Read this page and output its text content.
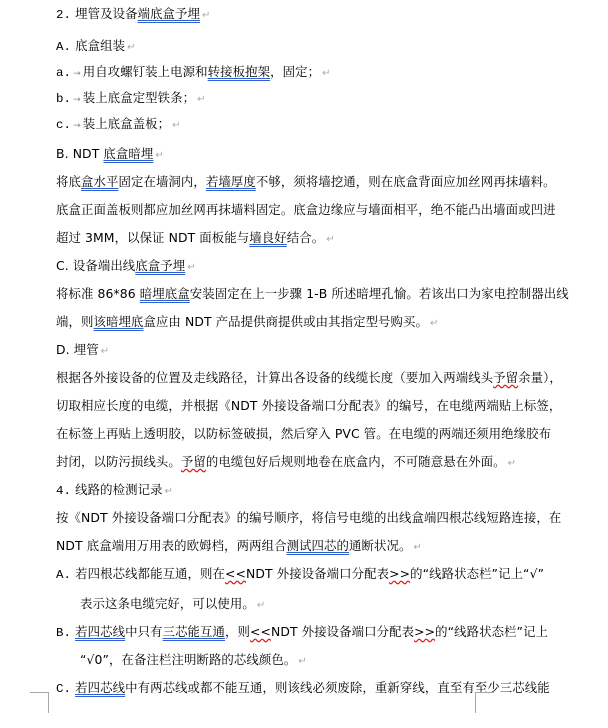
2. 埋管及设备端底盒予埋 ↵
A. 底盒组装 ↵
a. → 用自攻螺钉装上电源和转接板抱架，固定； ↵
b. → 装上底盒定型铁条； ↵
c. → 装上底盒盖板； ↵
B. NDT 底盒暗埋 ↵
将底盒水平固定在墙洞内，若墙厚度不够，须将墙挖通，则在底盒背面应加丝网再抹墙料。
底盒正面盖板则都应加丝网再抹墙料固定。底盒边缘应与墙面相平，绝不能凸出墙面或凹进
超过 3MM，以保证 NDT 面板能与墙良好结合。 ↵
C. 设备端出线底盒予埋 ↵
将标准 86*86 暗埋底盒安装固定在上一步骤 1-B 所述暗埋孔愉。若该出口为家电控制器出线
端，则该暗埋底盒应由 NDT 产品提供商提供或由其指定型号购买。 ↵
D. 埋管 ↵
根据各外接设备的位置及走线路径，计算出各设备的线缆长度（要加入两端线头予留余量），
切取相应长度的电缆，并根据《NDT 外接设备端口分配表》的编号，在电缆两端贴上标签，
在标签上再贴上透明胶，以防标签破损，然后穿入 PVC 管。在电缆的两端还须用绝缘胶布
封闭，以防污损线头。予留的电缆包好后规则地卷在底盒内，不可随意悬在外面。 ↵
4. 线路的检测记录 ↵
按《NDT 外接设备端口分配表》的编号顺序，将信号电缆的出线盒端四根芯线短路连接，在
NDT 底盒端用万用表的欧姆档，两两组合测试四芯的通断状况。 ↵
A. 若四根芯线都能互通，则在<<NDT 外接设备端口分配表>>的“线路状态栏”记上“√”
表示这条电缆完好，可以使用。 ↵
B. 若四芯线中只有三芯能互通，则<<NDT 外接设备端口分配表>>的“线路状态栏”记上
“√0”，在备注栏注明断路的芯线颜色。 ↵
C. 若四芯线中有两芯线或都不能互通，则该线必须废除，重新穿线，直至有至少三芯线能
